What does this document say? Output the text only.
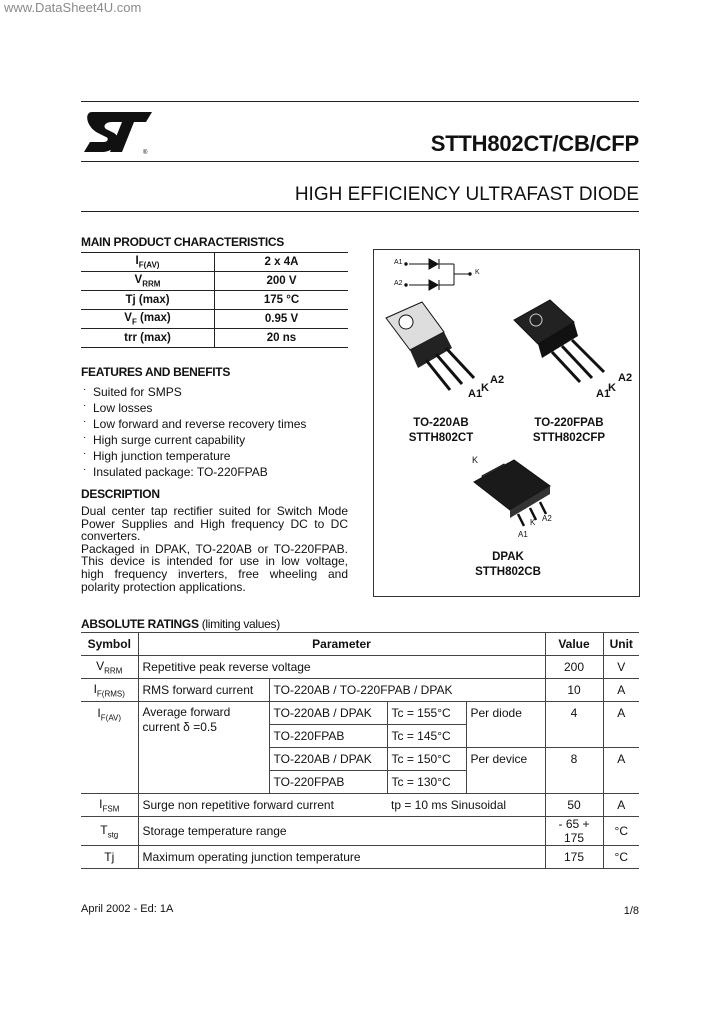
www.DataSheet4U.com
®	STTH802CT/CB/CFP
HIGH EFFICIENCY ULTRAFAST DIODE
MAIN PRODUCT CHARACTERISTICS
$I_{F(AV)}$	2 x 4A
$V_{RRM}$	200 V
Tj (max)	175 °C
$V_F$ (max)	0.95 V
trr (max)	20 ns
FEATURES AND BENEFITS
· Suited for SMPS
· Low losses
· Low forward and reverse recovery times
· High surge current capability
· High junction temperature
· Insulated package: TO-220FPAB
DESCRIPTION

Dual center tap rectifier suited for Switch Mode Power Supplies and High frequency DC to DC converters.

Packaged in DPAK, TO-220AB or TO-220FPAB. This device is intended for use in low voltage, high frequency inverters, free wheeling and polarity protection applications.

A1
A2
K
A1
K
A2
TO-220AB
STTH802CT
A1
K
A2
TO-220FPAB
STTH802CFP
K
A1
K A2
DPAK
STTH802CB
ABSOLUTE RATINGS (limiting values)
Symbol	Parameter				Value	Unit
$V_{RRM}$	Repetitive peak reverse voltage				200	V
$I_{F(RMS)}$	RMS forward current	TO-220AB / TO-220FPAB / DPAK			10	A
$I_{F(AV)}$	Average forward
current δ =0.5	TO-220AB / DPAK	Tc = 155°C	Per diode	4	A
		TO-220FPAB	Tc = 145°C			
		TO-220AB / DPAK	Tc = 150°C	Per device	8	A
		TO-220FPAB	Tc = 130°C			
$I_{FSM}$	Surge non repetitive forward current		tp = 10 ms Sinusoidal		50	A
$T_{stg}$	Storage temperature range				- 65 + 175	°C
Tj	Maximum operating junction temperature				175	°C
April 2002 - Ed: 1A	1/8
